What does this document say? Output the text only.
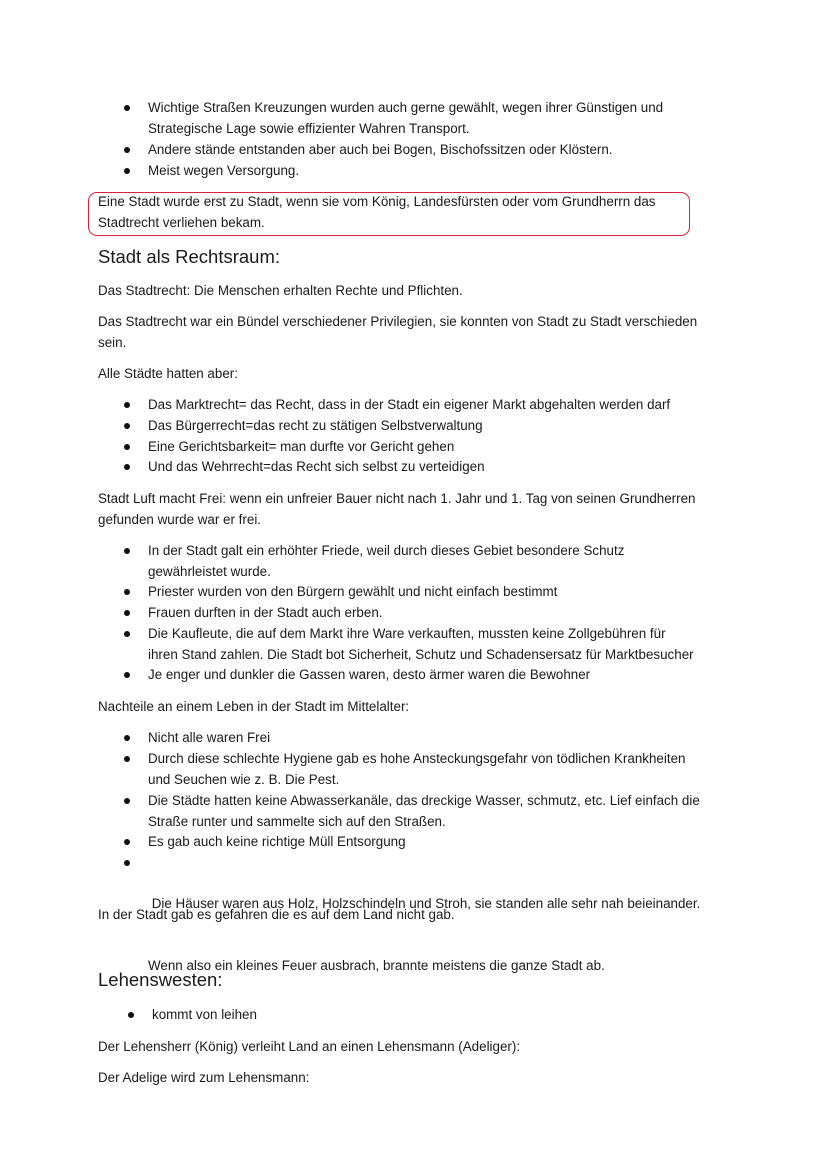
Wichtige Straßen Kreuzungen wurden auch gerne gewählt, wegen ihrer Günstigen und
Strategische Lage sowie effizienter Wahren Transport.
Andere stände entstanden aber auch bei Bogen, Bischofssitzen oder Klöstern.
Meist wegen Versorgung.
Eine Stadt wurde erst zu Stadt, wenn sie vom König, Landesfürsten oder vom Grundherrn das
Stadtrecht verliehen bekam.
Stadt als Rechtsraum:
Das Stadtrecht: Die Menschen erhalten Rechte und Pflichten.
Das Stadtrecht war ein Bündel verschiedener Privilegien, sie konnten von Stadt zu Stadt verschieden
sein.
Alle Städte hatten aber:
Das Marktrecht= das Recht, dass in der Stadt ein eigener Markt abgehalten werden darf
Das Bürgerrecht=das recht zu stätigen Selbstverwaltung
Eine Gerichtsbarkeit= man durfte vor Gericht gehen
Und das Wehrrecht=das Recht sich selbst zu verteidigen
Stadt Luft macht Frei: wenn ein unfreier Bauer nicht nach 1. Jahr und 1. Tag von seinen Grundherren
gefunden wurde war er frei.
In der Stadt galt ein erhöhter Friede, weil durch dieses Gebiet besondere Schutz
gewährleistet wurde.
Priester wurden von den Bürgern gewählt und nicht einfach bestimmt
Frauen durften in der Stadt auch erben.
Die Kaufleute, die auf dem Markt ihre Ware verkauften, mussten keine Zollgebühren für
ihren Stand zahlen. Die Stadt bot Sicherheit, Schutz und Schadensersatz für Marktbesucher
Je enger und dunkler die Gassen waren, desto ärmer waren die Bewohner
Nachteile an einem Leben in der Stadt im Mittelalter:
Nicht alle waren Frei
Durch diese schlechte Hygiene gab es hohe Ansteckungsgefahr von tödlichen Krankheiten
und Seuchen wie z. B. Die Pest.
Die Städte hatten keine Abwasserkanäle, das dreckige Wasser, schmutz, etc. Lief einfach die
Straße runter und sammelte sich auf den Straßen.
Es gab auch keine richtige Müll Entsorgung

Die Häuser waren aus Holz, Holzschindeln und Stroh, sie standen alle sehr nah beieinander.

Wenn also ein kleines Feuer ausbrach, brannte meistens die ganze Stadt ab.

In der Stadt gab es gefahren die es auf dem Land nicht gab.
Lehenswesten:
kommt von leihen
Der Lehensherr (König) verleiht Land an einen Lehensmann (Adeliger):
Der Adelige wird zum Lehensmann:
